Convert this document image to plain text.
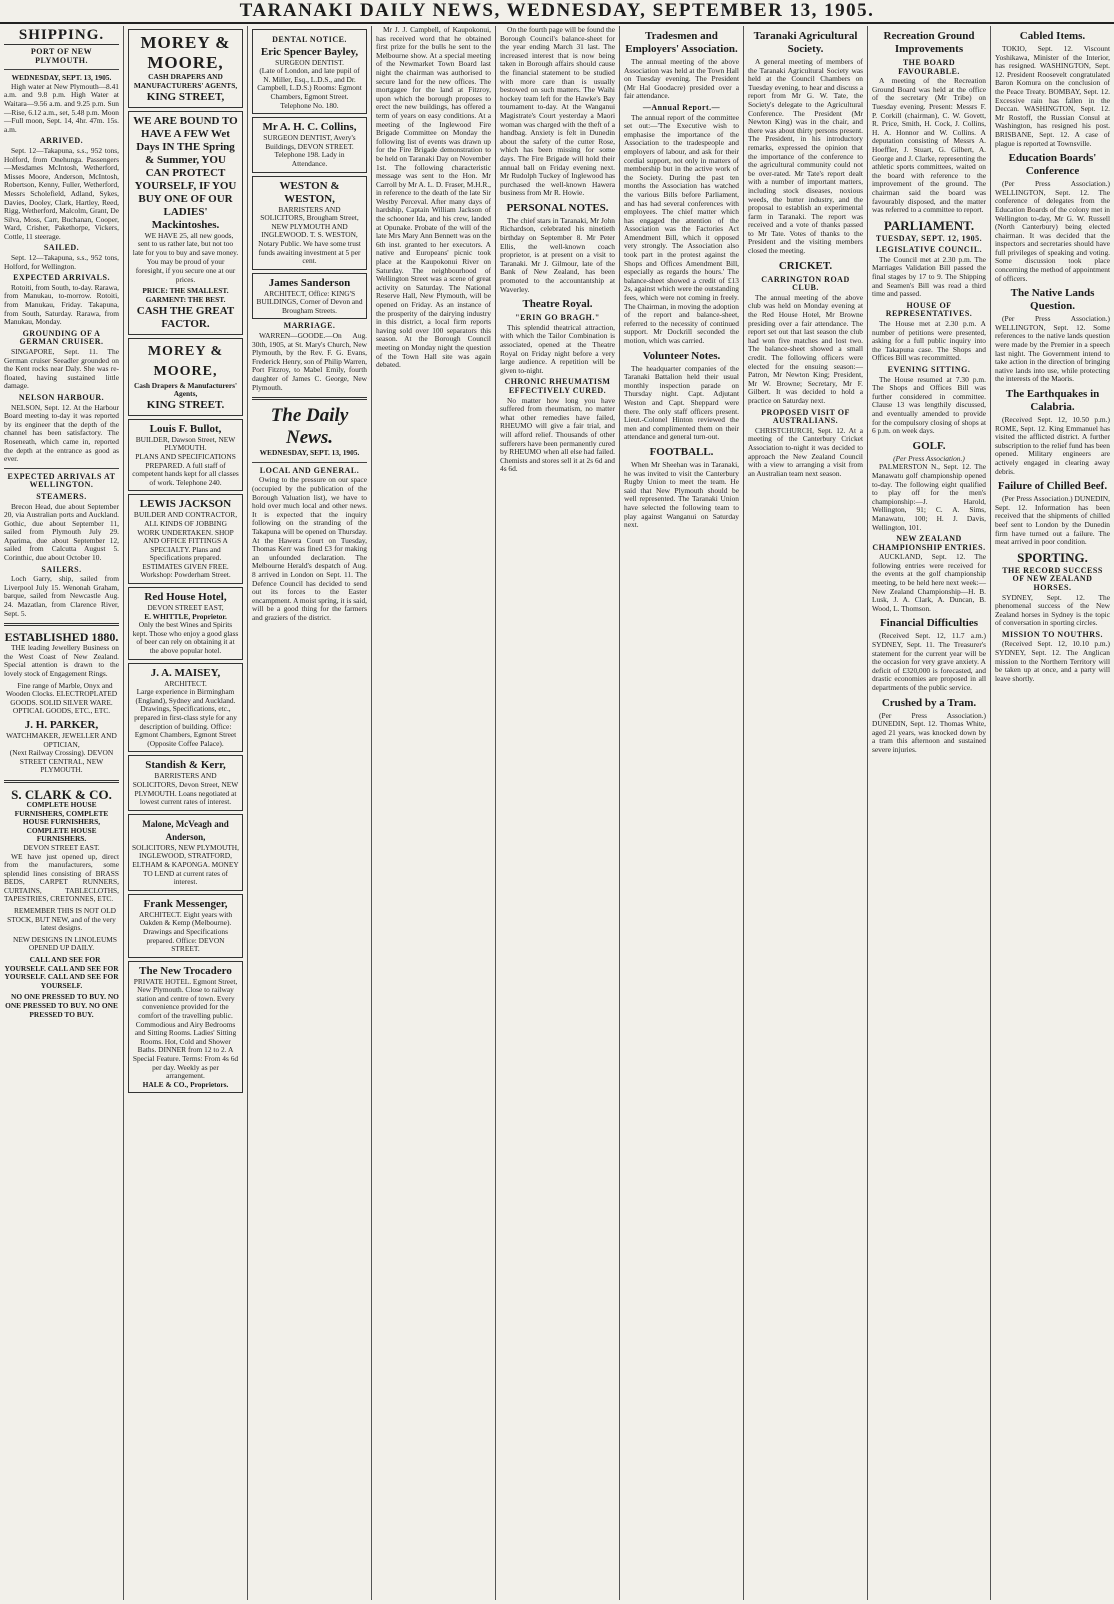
TARANAKI DAILY NEWS, WEDNESDAY, SEPTEMBER 13, 1905.
SHIPPING.
PORT OF NEW PLYMOUTH.
WEDNESDAY, SEPT. 13, 1905.

High water at New Plymouth—8.41 a.m. and 9.8 p.m. High Water at Waitara—9.56 a.m. and 9.25 p.m. Sun—Rise, 6.12 a.m., set, 5.48 p.m. Moon—Full moon, Sept. 14, 4hr. 47m. 15s. a.m.

ARRIVED.

Sept. 12—Takapuna, s.s., 952 tons, Holford, from Onehunga. Passengers—Mesdames McIntosh, Wetherford, Misses Moore, Anderson, McIntosh, Robertson, Kenny, Fuller, Wetherford, Messrs Scholefield, Adland, Sykes, Davies, Dooley, Clark, Hartley, Reed, Rigg, Wetherford, Malcolm, Grant, De Silva, Moss, Carr, Buchanan, Cooper, Ward, Crisher, Pakethorpe, Vickers, Cottle, 11 steerage.

SAILED.

Sept. 12—Takapuna, s.s., 952 tons, Holford, for Wellington.

EXPECTED ARRIVALS.

Rotoiti, from South, to-day. Rarawa, from Manukau, to-morrow. Rotoiti, from Manukau, Friday. Takapuna, from South, Saturday. Rarawa, from Manukau, Monday.

GROUNDING OF A GERMAN CRUISER.

SINGAPORE, Sept. 11. The German cruiser Seeadler grounded on the Kent rocks near Daly. She was re-floated, having sustained little damage.

NELSON HARBOUR.

NELSON, Sept. 12. At the Harbour Board meeting to-day it was reported by its engineer that the depth of the channel has been satisfactory. The Roseneath, which came in, reported the depth at the entrance as good as ever.

EXPECTED ARRIVALS AT WELLINGTON.
STEAMERS.

Brecon Head, due about September 20, via Australian ports and Auckland. Gothic, due about September 11, sailed from Plymouth July 29. Aparima, due about September 12, sailed from Calcutta August 5. Corinthic, due about October 10.

SAILERS.

Loch Garry, ship, sailed from Liverpool July 15. Wenonah Graham, barque, sailed from Newcastle Aug. 24. Mazatlan, from Clarence River, Sept. 5.

ESTABLISHED 1880.

THE leading Jewellery Business on the West Coast of New Zealand. Special attention is drawn to the lovely stock of Engagement Rings.

Fine range of Marble, Onyx and Wooden Clocks. ELECTROPLATED GOODS. SOLID SILVER WARE. OPTICAL GOODS, ETC., ETC.

J. H. PARKER,
WATCHMAKER, JEWELLER AND OPTICIAN,
(Next Railway Crossing). DEVON STREET CENTRAL, NEW PLYMOUTH.
S. CLARK & CO.
COMPLETE HOUSE FURNISHERS, COMPLETE HOUSE FURNISHERS, COMPLETE HOUSE FURNISHERS.
DEVON STREET EAST.

WE have just opened up, direct from the manufacturers, some splendid lines consisting of BRASS BEDS, CARPET RUNNERS, CURTAINS, TABLECLOTHS, TAPESTRIES, CRETONNES, ETC.

REMEMBER THIS IS NOT OLD STOCK, BUT NEW, and of the very latest designs.

NEW DESIGNS IN LINOLEUMS OPENED UP DAILY.

CALL AND SEE FOR YOURSELF. CALL AND SEE FOR YOURSELF. CALL AND SEE FOR YOURSELF.

NO ONE PRESSED TO BUY. NO ONE PRESSED TO BUY. NO ONE PRESSED TO BUY.

MOREY & MOORE,
CASH DRAPERS AND MANUFACTURERS' AGENTS,
KING STREET,
WE ARE BOUND TO HAVE A FEW Wet Days IN THE Spring & Summer, YOU CAN PROTECT YOURSELF, IF YOU BUY ONE OF OUR LADIES' Mackintoshes.

WE HAVE 25, all new goods, sent to us rather late, but not too late for you to buy and save money. You may be proud of your foresight, if you secure one at our prices.

PRICE: THE SMALLEST.
GARMENT: THE BEST.
CASH THE GREAT FACTOR.
MOREY & MOORE,
Cash Drapers & Manufacturers' Agents,
KING STREET.
Louis F. Bullot,
BUILDER, Dawson Street, NEW PLYMOUTH.
PLANS AND SPECIFICATIONS PREPARED. A full staff of competent hands kept for all classes of work. Telephone 240.
LEWIS JACKSON
BUILDER AND CONTRACTOR, ALL KINDS OF JOBBING WORK UNDERTAKEN. SHOP AND OFFICE FITTINGS A SPECIALTY. Plans and Specifications prepared. ESTIMATES GIVEN FREE. Workshop: Powderham Street.
Red House Hotel,
DEVON STREET EAST,
E. WHITTLE, Proprietor.
Only the best Wines and Spirits kept. Those who enjoy a good glass of beer can rely on obtaining it at the above popular hotel.
J. A. MAISEY,
ARCHITECT.
Large experience in Birmingham (England), Sydney and Auckland. Drawings, Specifications, etc., prepared in first-class style for any description of building. Office: Egmont Chambers, Egmont Street (Opposite Coffee Palace).
Standish & Kerr,
BARRISTERS AND SOLICITORS, Devon Street, NEW PLYMOUTH. Loans negotiated at lowest current rates of interest.
Malone, McVeagh and Anderson,
SOLICITORS, NEW PLYMOUTH, INGLEWOOD, STRATFORD, ELTHAM & KAPONGA. MONEY TO LEND at current rates of interest.
Frank Messenger,
ARCHITECT. Eight years with Oakden & Kemp (Melbourne). Drawings and Specifications prepared. Office: DEVON STREET.
The New Trocadero
PRIVATE HOTEL. Egmont Street, New Plymouth. Close to railway station and centre of town. Every convenience provided for the comfort of the travelling public. Commodious and Airy Bedrooms and Sitting Rooms. Ladies' Sitting Rooms. Hot, Cold and Shower Baths. DINNER from 12 to 2. A Special Feature. Terms: From 4s 6d per day. Weekly as per arrangement.
HALE & CO., Proprietors.
DENTAL NOTICE.
Eric Spencer Bayley,
SURGEON DENTIST.
(Late of London, and late pupil of N. Miller, Esq., L.D.S., and Dr. Campbell, L.D.S.) Rooms: Egmont Chambers, Egmont Street. Telephone No. 180.
Mr A. H. C. Collins,
SURGEON DENTIST, Avery's Buildings, DEVON STREET. Telephone 198. Lady in Attendance.
WESTON & WESTON,
BARRISTERS AND SOLICITORS, Brougham Street, NEW PLYMOUTH AND INGLEWOOD. T. S. WESTON, Notary Public. We have some trust funds awaiting investment at 5 per cent.
James Sanderson
ARCHITECT, Office: KING'S BUILDINGS, Corner of Devon and Brougham Streets.
MARRIAGE.

WARREN—GOODE.—On Aug. 30th, 1905, at St. Mary's Church, New Plymouth, by the Rev. F. G. Evans, Frederick Henry, son of Philip Warren, Port Fitzroy, to Mabel Emily, fourth daughter of James C. George, New Plymouth.

The Daily News.
WEDNESDAY, SEPT. 13, 1905.
LOCAL AND GENERAL.

Owing to the pressure on our space (occupied by the publication of the Borough Valuation list), we have to hold over much local and other news. It is expected that the inquiry following on the stranding of the Takapuna will be opened on Thursday. At the Hawera Court on Tuesday, Thomas Kerr was fined £3 for making an unfounded declaration. The Melbourne Herald's despatch of Aug. 8 arrived in London on Sept. 11. The Defence Council has decided to send out its forces to the Easter encampment. A moist spring, it is said, will be a good thing for the farmers and graziers of the district.

Mr J. J. Campbell, of Kaupokonui, has received word that he obtained first prize for the bulls he sent to the Melbourne show. At a special meeting of the Newmarket Town Board last night the chairman was authorised to secure land for the new offices. The mortgagee for the land at Fitzroy, upon which the borough proposes to erect the new buildings, has offered a term of years on easy conditions. At a meeting of the Inglewood Fire Brigade Committee on Monday the following list of events was drawn up for the Fire Brigade demonstration to be held on Taranaki Day on November 1st. The following characteristic message was sent to the Hon. Mr Carroll by Mr A. L. D. Fraser, M.H.R., in reference to the death of the late Sir Westby Perceval. After many days of hardship, Captain William Jackson of the schooner Ida, and his crew, landed at Opunake. Probate of the will of the late Mrs Mary Ann Bennett was on the 6th inst. granted to her executors. A native and Europeans' picnic took place at the Kaupokonui River on Saturday. The neighbourhood of Wellington Street was a scene of great activity on Saturday. The National Reserve Hall, New Plymouth, will be opened on Friday. As an instance of the prosperity of the dairying industry in this district, a local firm reports having sold over 100 separators this season. At the Borough Council meeting on Monday night the question of the Town Hall site was again debated.

On the fourth page will be found the Borough Council's balance-sheet for the year ending March 31 last. The increased interest that is now being taken in Borough affairs should cause the financial statement to be studied with more care than is usually bestowed on such matters. The Waihi hockey team left for the Hawke's Bay tournament to-day. At the Wanganui Magistrate's Court yesterday a Maori woman was charged with the theft of a handbag. Anxiety is felt in Dunedin about the safety of the cutter Rose, which has been missing for some days. The Fire Brigade will hold their annual ball on Friday evening next. Mr Rudolph Tuckey of Inglewood has purchased the well-known Hawera business from Mr R. Howie.

PERSONAL NOTES.

The chief stars in Taranaki, Mr John Richardson, celebrated his ninetieth birthday on September 8. Mr Peter Ellis, the well-known coach proprietor, is at present on a visit to Taranaki. Mr J. Gilmour, late of the Bank of New Zealand, has been promoted to the accountantship at Waverley.

Theatre Royal.
"ERIN GO BRAGH."

This splendid theatrical attraction, with which the Tailor Combination is associated, opened at the Theatre Royal on Friday night before a very large audience. A repetition will be given to-night.

CHRONIC RHEUMATISM EFFECTIVELY CURED.

No matter how long you have suffered from rheumatism, no matter what other remedies have failed, RHEUMO will give a fair trial, and will afford relief. Thousands of other sufferers have been permanently cured by RHEUMO when all else had failed. Chemists and stores sell it at 2s 6d and 4s 6d.

Tradesmen and Employers' Association.

The annual meeting of the above Association was held at the Town Hall on Tuesday evening. The President (Mr Hal Goodacre) presided over a fair attendance.

—Annual Report.—

The annual report of the committee set out:—'The Executive wish to emphasise the importance of the Association to the tradespeople and employers of labour, and ask for their cordial support, not only in matters of membership but in the active work of the Society. During the past ten months the Association has watched the various Bills before Parliament, and has had several conferences with employees. The chief matter which has engaged the attention of the Association was the Factories Act Amendment Bill, which it opposed very strongly. The Association also took part in the protest against the Shops and Offices Amendment Bill, especially as regards the hours.' The balance-sheet showed a credit of £13 2s, against which were the outstanding fees, which were not coming in freely. The Chairman, in moving the adoption of the report and balance-sheet, referred to the necessity of continued support. Mr Dockrill seconded the motion, which was carried.

Volunteer Notes.

The headquarter companies of the Taranaki Battalion held their usual monthly inspection parade on Thursday night. Capt. Adjutant Weston and Capt. Sheppard were there. The only staff officers present. Lieut.-Colonel Hinton reviewed the men and complimented them on their attendance and general turn-out.

FOOTBALL.

When Mr Sheehan was in Taranaki, he was invited to visit the Canterbury Rugby Union to meet the team. He said that New Plymouth should be well represented. The Taranaki Union have selected the following team to play against Wanganui on Saturday next.

Taranaki Agricultural Society.

A general meeting of members of the Taranaki Agricultural Society was held at the Council Chambers on Tuesday evening, to hear and discuss a report from Mr G. W. Tate, the Society's delegate to the Agricultural Conference. The President (Mr Newton King) was in the chair, and there was about thirty persons present. The President, in his introductory remarks, expressed the opinion that the importance of the conference to the agricultural community could not be over-rated. Mr Tate's report dealt with a number of important matters, including stock diseases, noxious weeds, the butter industry, and the proposal to establish an experimental farm in Taranaki. The report was received and a vote of thanks passed to Mr Tate. Votes of thanks to the President and the visiting members closed the meeting.

CRICKET.
CARRINGTON ROAD CLUB.

The annual meeting of the above club was held on Monday evening at the Red House Hotel, Mr Browne presiding over a fair attendance. The report set out that last season the club had won five matches and lost two. The balance-sheet showed a small credit. The following officers were elected for the ensuing season:—Patron, Mr Newton King; President, Mr W. Browne; Secretary, Mr F. Gilbert. It was decided to hold a practice on Saturday next.

PROPOSED VISIT OF AUSTRALIANS.

CHRISTCHURCH, Sept. 12. At a meeting of the Canterbury Cricket Association to-night it was decided to approach the New Zealand Council with a view to arranging a visit from an Australian team next season.

Recreation Ground Improvements
THE BOARD FAVOURABLE.

A meeting of the Recreation Ground Board was held at the office of the secretary (Mr Tribe) on Tuesday evening. Present: Messrs F. P. Corkill (chairman), C. W. Govett, R. Price, Smith, H. Cock, J. Collins, H. A. Honnor and W. Collins. A deputation consisting of Messrs A. Hoeffler, J. Stuart, G. Gilbert, A. George and J. Clarke, representing the athletic sports committees, waited on the board with reference to the improvement of the ground. The chairman said the board was favourably disposed, and the matter was referred to a committee to report.

PARLIAMENT.
TUESDAY, SEPT. 12, 1905.
LEGISLATIVE COUNCIL.

The Council met at 2.30 p.m. The Marriages Validation Bill passed the final stages by 17 to 9. The Shipping and Seamen's Bill was read a third time and passed.

HOUSE OF REPRESENTATIVES.

The House met at 2.30 p.m. A number of petitions were presented, asking for a full public inquiry into the Takapuna case. The Shops and Offices Bill was recommitted.

EVENING SITTING.

The House resumed at 7.30 p.m. The Shops and Offices Bill was further considered in committee. Clause 13 was lengthily discussed, and eventually amended to provide for the compulsory closing of shops at 6 p.m. on week days.

GOLF.
(Per Press Association.)

PALMERSTON N., Sept. 12. The Manawatu golf championship opened to-day. The following eight qualified to play off for the men's championship:—J. Harold, Wellington, 91; C. A. Sims, Manawatu, 100; H. J. Davis, Wellington, 101.

NEW ZEALAND CHAMPIONSHIP ENTRIES.

AUCKLAND, Sept. 12. The following entries were received for the events at the golf championship meeting, to be held here next week:—New Zealand Championship—H. B. Lusk, J. A. Clark, A. Duncan, B. Wood, L. Thomson.

Financial Difficulties

(Received Sept. 12, 11.7 a.m.) SYDNEY, Sept. 11. The Treasurer's statement for the current year will be the occasion for very grave anxiety. A deficit of £320,000 is forecasted, and drastic economies are proposed in all departments of the public service.

Crushed by a Tram.

(Per Press Association.) DUNEDIN, Sept. 12. Thomas White, aged 21 years, was knocked down by a tram this afternoon and sustained severe injuries.

Cabled Items.

TOKIO, Sept. 12. Viscount Yoshikawa, Minister of the Interior, has resigned. WASHINGTON, Sept. 12. President Roosevelt congratulated Baron Komura on the conclusion of the Peace Treaty. BOMBAY, Sept. 12. Excessive rain has fallen in the Deccan. WASHINGTON, Sept. 12. Mr Rostoff, the Russian Consul at Washington, has resigned his post. BRISBANE, Sept. 12. A case of plague is reported at Townsville.

Education Boards' Conference

(Per Press Association.) WELLINGTON, Sept. 12. The conference of delegates from the Education Boards of the colony met in Wellington to-day, Mr G. W. Russell (North Canterbury) being elected chairman. It was decided that the inspectors and secretaries should have full privileges of speaking and voting. Some discussion took place concerning the method of appointment of officers.

The Native Lands Question.

(Per Press Association.) WELLINGTON, Sept. 12. Some references to the native lands question were made by the Premier in a speech last night. The Government intend to take action in the direction of bringing native lands into use, while protecting the interests of the Maoris.

The Earthquakes in Calabria.

(Received Sept. 12, 10.50 p.m.) ROME, Sept. 12. King Emmanuel has visited the afflicted district. A further subscription to the relief fund has been opened. Military engineers are actively engaged in clearing away debris.

Failure of Chilled Beef.

(Per Press Association.) DUNEDIN, Sept. 12. Information has been received that the shipments of chilled beef sent to London by the Dunedin firm have turned out a failure. The meat arrived in poor condition.

SPORTING.
THE RECORD SUCCESS OF NEW ZEALAND HORSES.

SYDNEY, Sept. 12. The phenomenal success of the New Zealand horses in Sydney is the topic of conversation in sporting circles.

MISSION TO NOUTHRS.

(Received Sept. 12, 10.10 p.m.) SYDNEY, Sept. 12. The Anglican mission to the Northern Territory will be taken up at once, and a party will leave shortly.
